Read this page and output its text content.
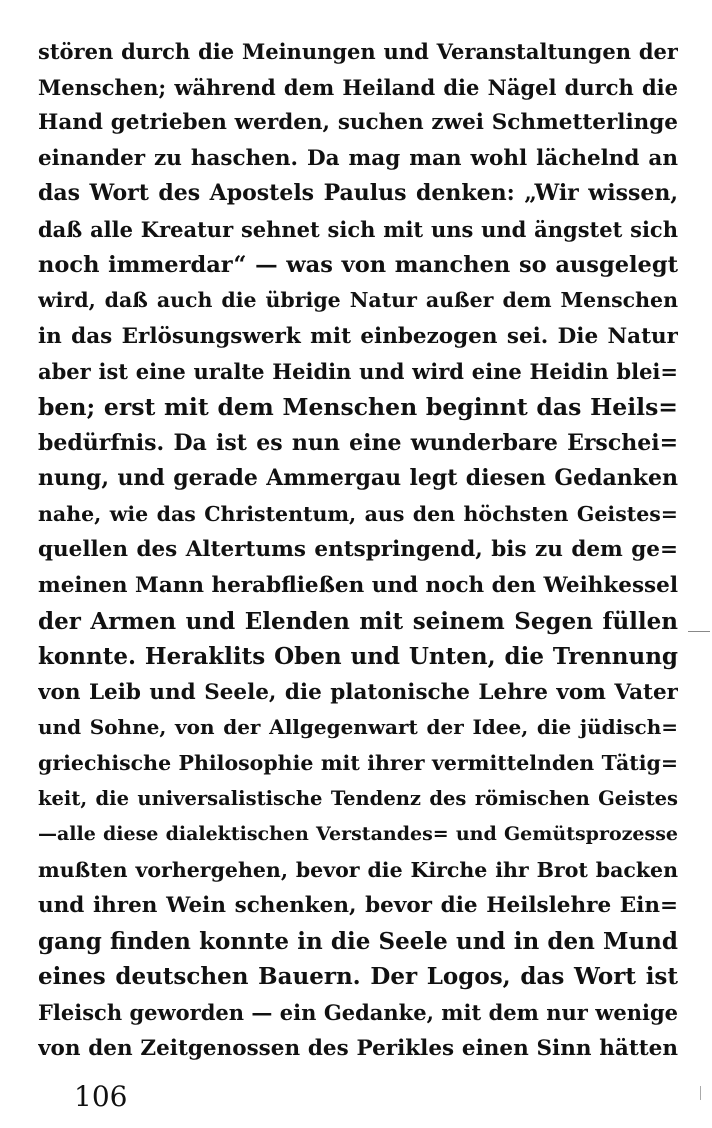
stören durch die Meinungen und Veranstaltungen der
Menschen; während dem Heiland die Nägel durch die
Hand getrieben werden, suchen zwei Schmetterlinge
einander zu haschen. Da mag man wohl lächelnd an
das Wort des Apostels Paulus denken: „Wir wissen,
daß alle Kreatur sehnet sich mit uns und ängstet sich
noch immerdar“ — was von manchen so ausgelegt
wird, daß auch die übrige Natur außer dem Menschen
in das Erlösungswerk mit einbezogen sei. Die Natur
aber ist eine uralte Heidin und wird eine Heidin blei=
ben; erst mit dem Menschen beginnt das Heils=
bedürfnis. Da ist es nun eine wunderbare Erschei=
nung, und gerade Ammergau legt diesen Gedanken
nahe, wie das Christentum, aus den höchsten Geistes=
quellen des Altertums entspringend, bis zu dem ge=
meinen Mann herabfließen und noch den Weihkessel
der Armen und Elenden mit seinem Segen füllen
konnte. Heraklits Oben und Unten, die Trennung
von Leib und Seele, die platonische Lehre vom Vater
und Sohne, von der Allgegenwart der Idee, die jüdisch=
griechische Philosophie mit ihrer vermittelnden Tätig=
keit, die universalistische Tendenz des römischen Geistes
—alle diese dialektischen Verstandes= und Gemütsprozesse
mußten vorhergehen, bevor die Kirche ihr Brot backen
und ihren Wein schenken, bevor die Heilslehre Ein=
gang finden konnte in die Seele und in den Mund
eines deutschen Bauern. Der Logos, das Wort ist
Fleisch geworden — ein Gedanke, mit dem nur wenige
von den Zeitgenossen des Perikles einen Sinn hätten
106
